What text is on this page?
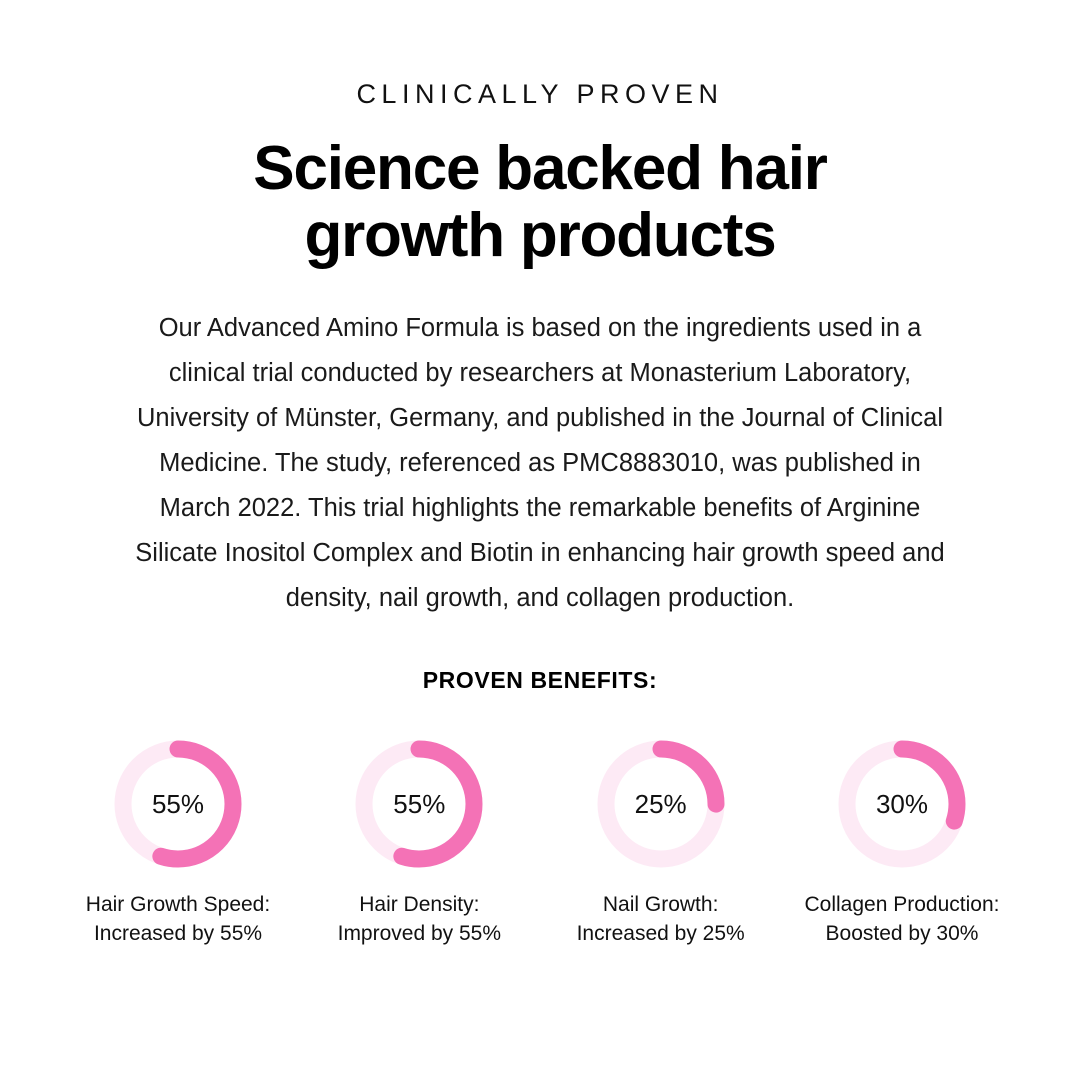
CLINICALLY PROVEN
Science backed hair growth products

Our Advanced Amino Formula is based on the ingredients used in a clinical trial conducted by researchers at Monasterium Laboratory, University of Münster, Germany, and published in the Journal of Clinical Medicine. The study, referenced as PMC8883010, was published in March 2022. This trial highlights the remarkable benefits of Arginine Silicate Inositol Complex and Biotin in enhancing hair growth speed and density, nail growth, and collagen production.

PROVEN BENEFITS:
55%
Hair Growth Speed:
Increased by 55%
55%
Hair Density:
Improved by 55%
25%
Nail Growth:
Increased by 25%
30%
Collagen Production:
Boosted by 30%
